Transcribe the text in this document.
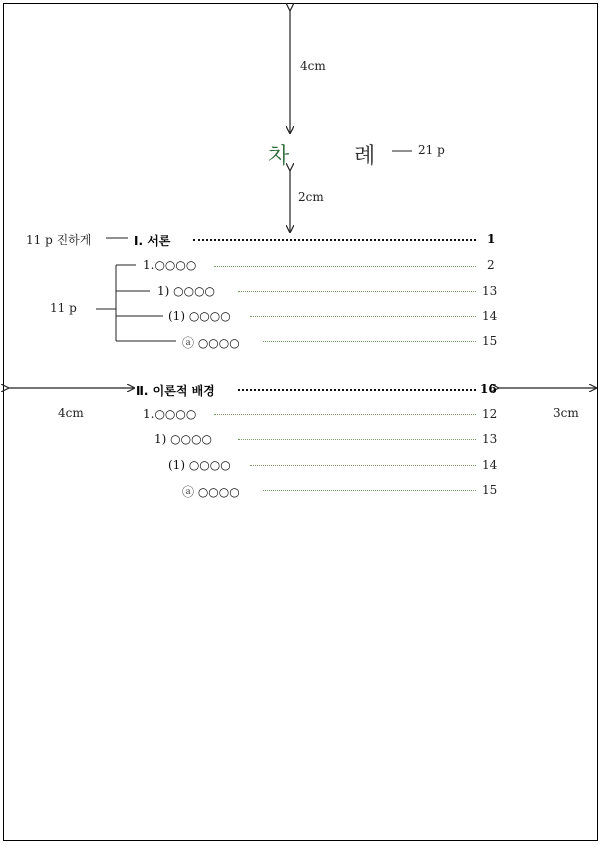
4cm
차	례	21 p
2cm
11 p 진하게
11 p
4cm	3cm
Ⅰ. 서론	1
1.○○○○	2
1) ○○○○	13
(1) ○○○○	14
ⓐ ○○○○	15
Ⅱ. 이론적 배경	16
1.○○○○	12
1) ○○○○	13
(1) ○○○○	14
ⓐ ○○○○	15
